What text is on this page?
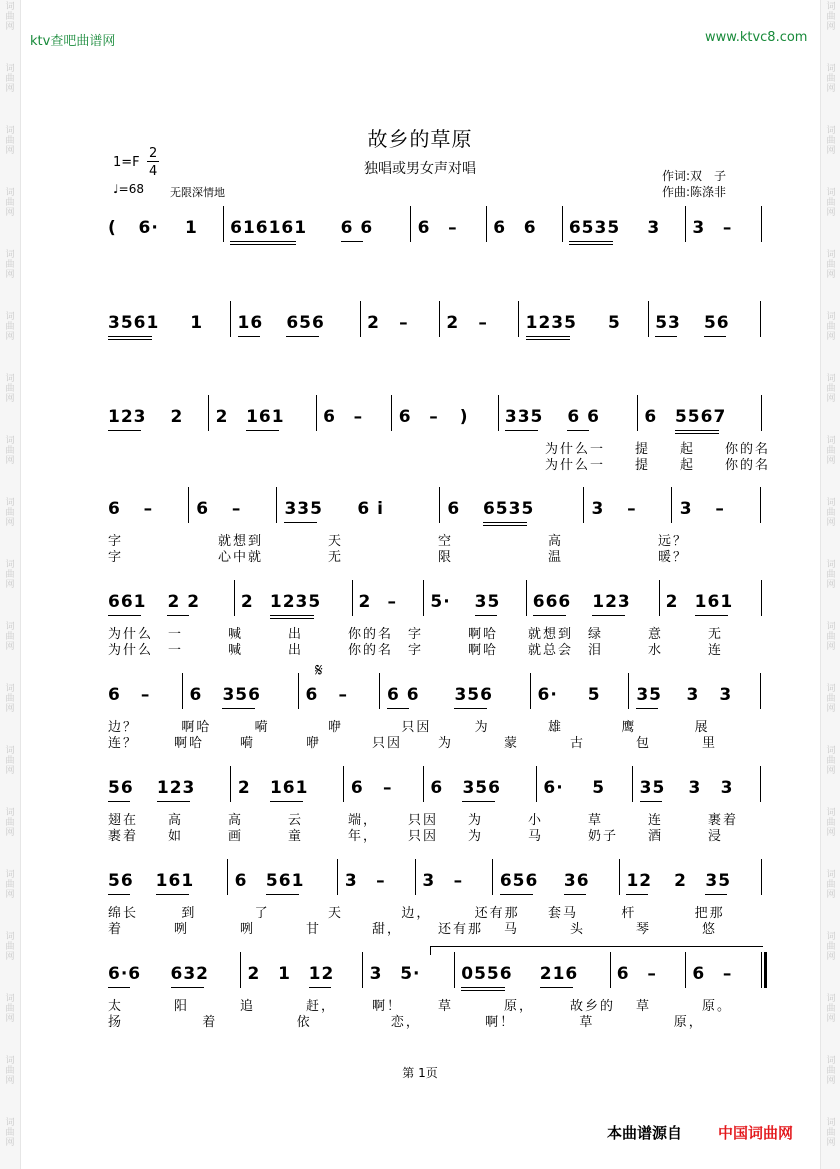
词
曲
网
词
曲
网
词
曲
网
词
曲
网
词
曲
网
词
曲
网
词
曲
网
词
曲
网
词
曲
网
词
曲
网
词
曲
网
词
曲
网
词
曲
网
词
曲
网
词
曲
网
词
曲
网
词
曲
网
词
曲
网
词
曲
网
词
曲
网
词
曲
网
词
曲
网
词
曲
网
词
曲
网
词
曲
网
词
曲
网
词
曲
网
词
曲
网
词
曲
网
词
曲
网
词
曲
网
词
曲
网
词
曲
网
词
曲
网
词
曲
网
词
曲
网
词
曲
网
词
曲
网
ktv查吧曲谱网	www.ktvc8.com
故乡的草原
独唱或男女声对唱
1=F
2
4
♩=68 无限深情地
作词:双　子
作曲:陈涤非
( 6· 1 616161 6 6	6 – 6 6 6535 3 3 –
3561 1 16 656 2 – 2 – 1235 5 53 56
123 2 2 161 6 – 6 – ) 335 6 6	6 5567
为什么 一 提 起 你的名
为什么 一 提 起 你的名
6 –	6 –	335 6 i	6 6535	3 –	3 –
字	就想到	天	空	高	远？
字	心中就	无	限	温	暖？
661 2 2 2 1235 2 – 5· 35 666 123 2 161
为什么 一	喊	出	你的名 字	啊哈 就想到 绿	意	无
为什么 一	喊	出	你的名 字	啊哈 就总会 泪	水	连
6 – 6 356	6 – 6 6 356	6· 5 35 3 3
边？	啊哈	嗬	咿	只因	为	雄	鹰	展
连？	啊哈	嗬	咿	只因	为	蒙	古	包	里
56 123 2 161 6 – 6 356 6· 5 35 3 3
翅在 高	高	云	端， 只因 为	小	草	连	裹着
裹着 如	画	童	年， 只因 为	马	奶子 酒	浸
56 161 6 561 3 – 3 – 656 36 12 2 35
绵长	到	了	天	边，	还有那 套马	杆	把那
着	咧	咧	甘	甜，	还有那 马	头	琴	悠
6·6 632 2 1 12 3 5· 0556 216 6 – 6 –
太	阳	追	赶，	啊！	草	原，	故乡的 草	原。
扬	着	依	恋，	啊！	草	原，
𝄋
第 1页
本曲谱源自 中国词曲网
